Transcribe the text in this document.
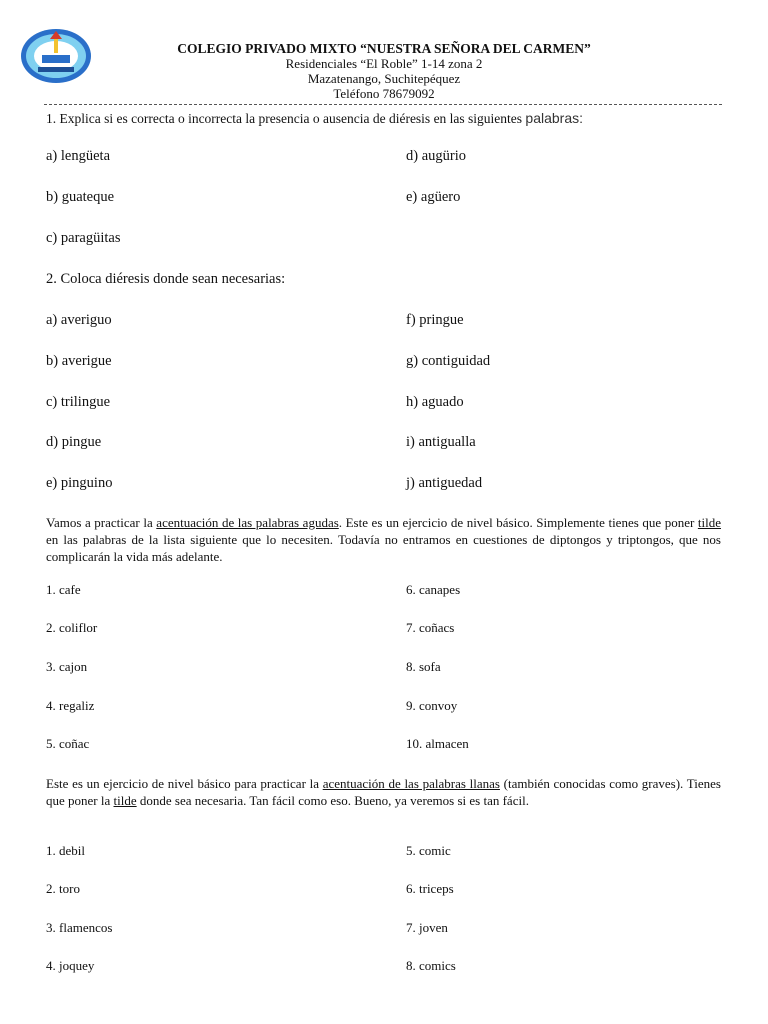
COLEGIO PRIVADO MIXTO “NUESTRA SEÑORA DEL CARMEN”
Residenciales “El Roble” 1-14 zona 2
Mazatenango, Suchitepéquez
Teléfono 78679092
1. Explica si es correcta o incorrecta la presencia o ausencia de diéresis en las siguientes palabras:
a) lengüeta	d) augürio
b) guateque	e) agüero
c) paragüitas
2. Coloca diéresis donde sean necesarias:
a) averiguo	f) pringue
b) averigue	g) contiguidad
c) trilingue	h) aguado
d) pingue	i) antigualla
e) pinguino	j) antiguedad
Vamos a practicar la acentuación de las palabras agudas. Este es un ejercicio de nivel básico. Simplemente tienes que poner tilde en las palabras de la lista siguiente que lo necesiten. Todavía no entramos en cuestiones de diptongos y triptongos, que nos complicarán la vida más adelante.
1. cafe	6. canapes
2. coliflor	7. coñacs
3. cajon	8. sofa
4. regaliz	9. convoy
5. coñac	10. almacen
Este es un ejercicio de nivel básico para practicar la acentuación de las palabras llanas (también conocidas como graves). Tienes que poner la tilde donde sea necesaria. Tan fácil como eso. Bueno, ya veremos si es tan fácil.
1. debil	5. comic
2. toro	6. triceps
3. flamencos	7. joven
4. joquey	8. comics
